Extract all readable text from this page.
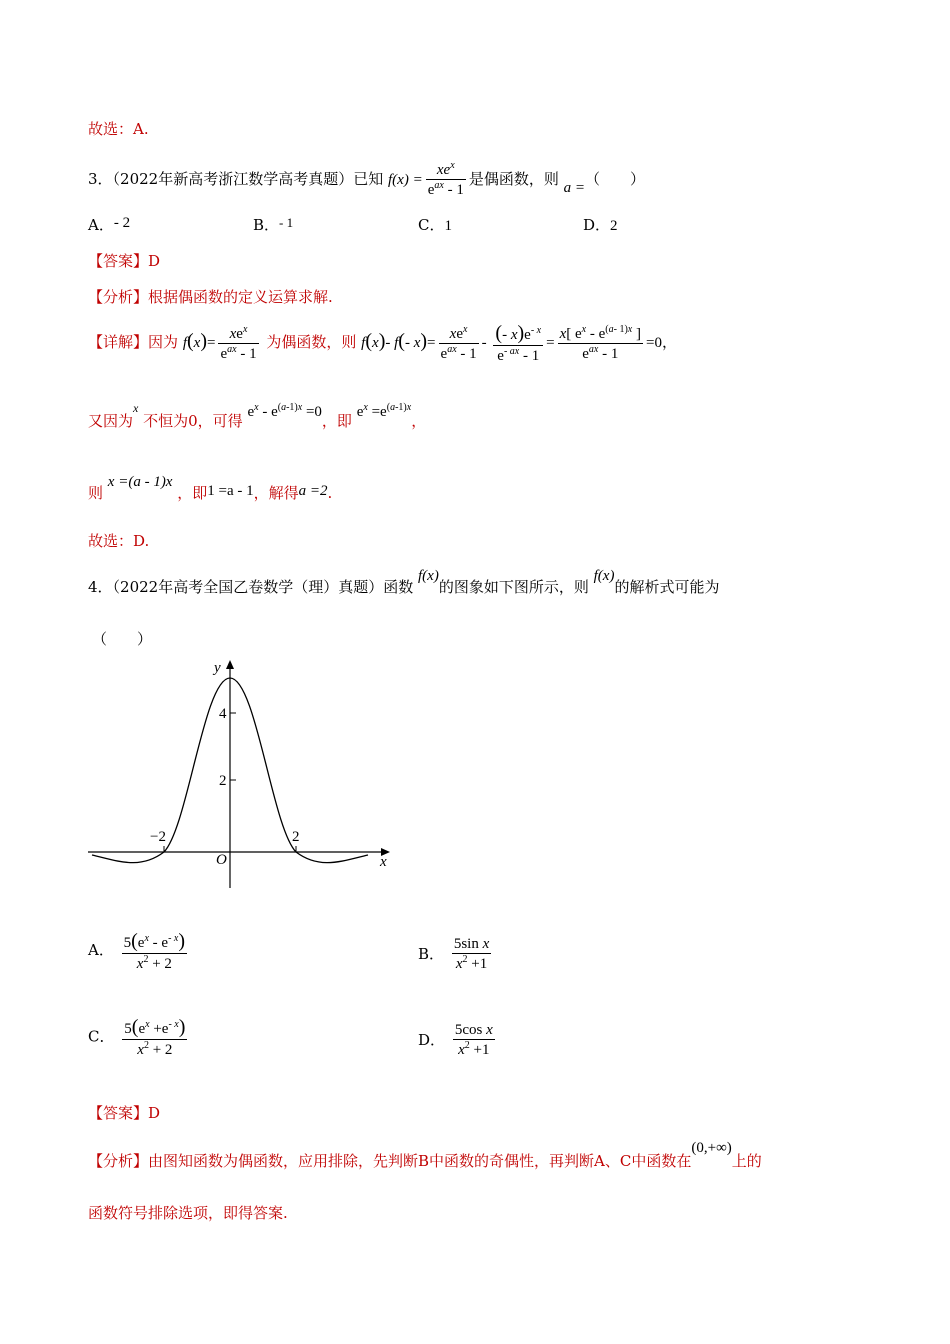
故选：A.
3．（2022年新高考浙江数学高考真题）已知 $f(x) = \frac{xe^x}{e^{ax} - 1}$ 是偶函数，则 a =（　　）
A．- 2	B．- 1	C．1	D．2
【答案】D
【分析】根据偶函数的定义运算求解.
【详解】因为 $f(x)= \frac{xe^x}{e^{ax} - 1}$ 为偶函数，则 f(x)- f(- $x)= \frac{xe^x}{e^{ax} - 1} - \frac{(- x)e^{- x}}{e^{- ax} - 1} = \frac{x[ e^x - e^{(a- 1)x} ]}{e^{ax} - 1} =0$，
又因为$^x$ 不恒为0，可得 $e^x - e^{(a-1)x} =0$，即 $e^x =e^{(a-1)x}$，
则 x =(a - 1)x ，即1 =a - 1，解得a =2.
故选：D.
4．（2022年高考全国乙卷数学（理）真题）函数 f(x)的图象如下图所示，则 f(x)的解析式可能为
（　　）
y
x
O
4
2
−2	2
A． $\frac{5(e^x - e^{- x})}{x^2 + 2}$	B． $\frac{\text{5sin x}}{x^2 +1}$
C． $\frac{5(e^x +e^{- x})}{x^2 + 2}$	D． $\frac{\text{5cos x}}{x^2 +1}$
【答案】D
【分析】由图知函数为偶函数，应用排除，先判断B中函数的奇偶性，再判断A、C中函数在(0,+∞)上的
函数符号排除选项，即得答案.
